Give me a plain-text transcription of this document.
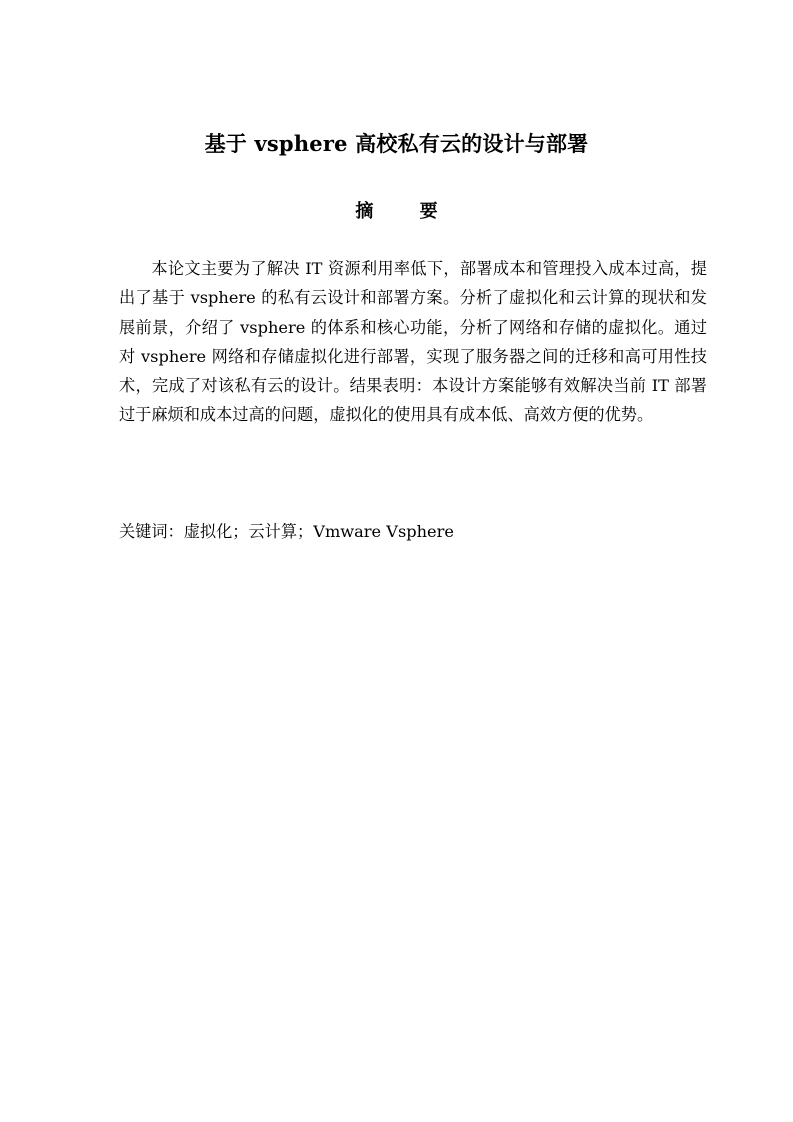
基于 vsphere 高校私有云的设计与部署
摘 要

本论文主要为了解决 IT 资源利用率低下，部署成本和管理投入成本过高，提出了基于 vsphere 的私有云设计和部署方案。分析了虚拟化和云计算的现状和发展前景，介绍了 vsphere 的体系和核心功能，分析了网络和存储的虚拟化。通过对 vsphere 网络和存储虚拟化进行部署，实现了服务器之间的迁移和高可用性技术，完成了对该私有云的设计。结果表明：本设计方案能够有效解决当前 IT 部署过于麻烦和成本过高的问题，虚拟化的使用具有成本低、高效方便的优势。

关键词：虚拟化；云计算；Vmware Vsphere
